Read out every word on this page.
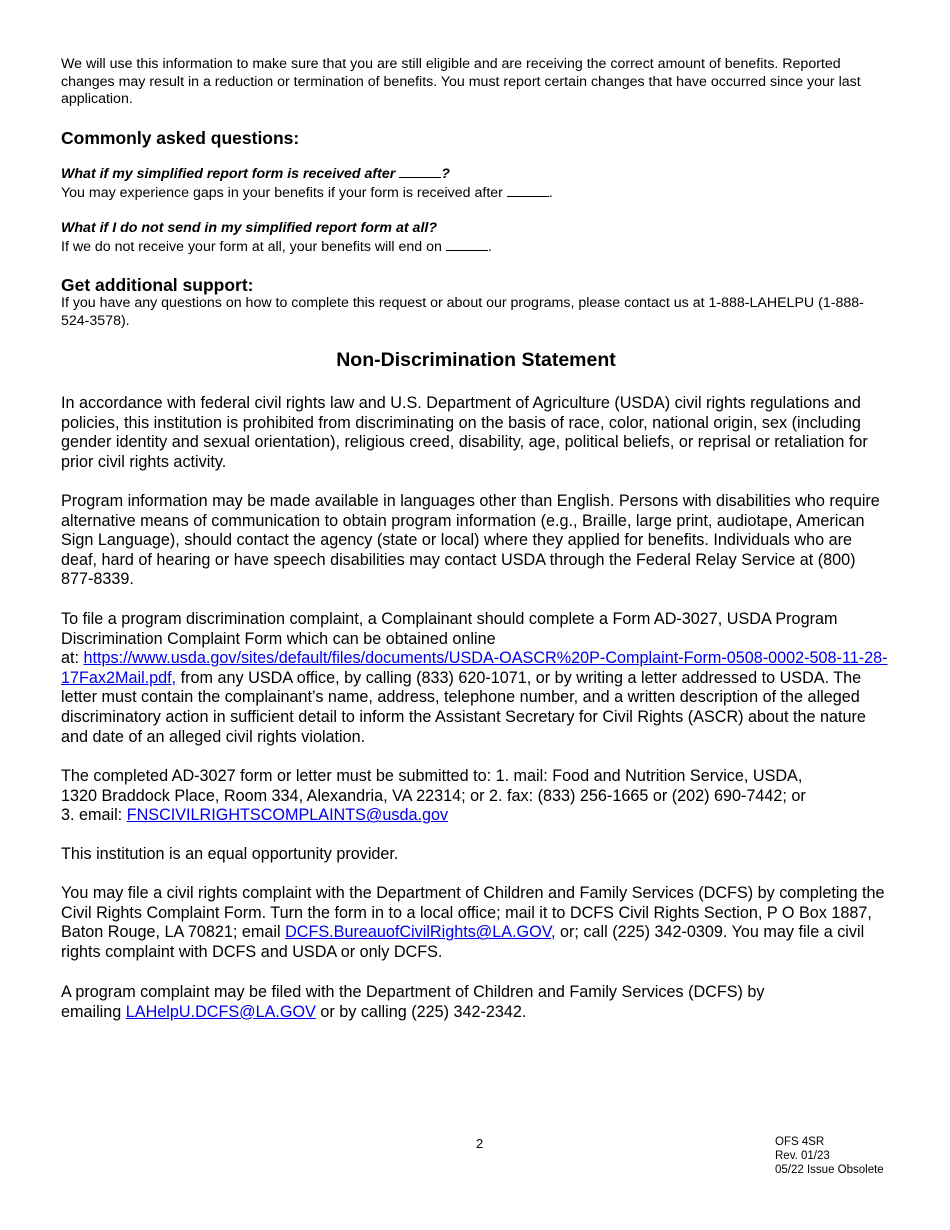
We will use this information to make sure that you are still eligible and are receiving the correct amount of benefits. Reported changes may result in a reduction or termination of benefits. You must report certain changes that have occurred since your last application.

Commonly asked questions:

What if my simplified report form is received after	?
You may experience gaps in your benefits if your form is received after	.

What if I do not send in my simplified report form at all?
If we do not receive your form at all, your benefits will end on	.

Get additional support:

If you have any questions on how to complete this request or about our programs, please contact us at 1-888-LAHELPU (1-888-524-3578).

Non-Discrimination Statement

In accordance with federal civil rights law and U.S. Department of Agriculture (USDA) civil rights regulations and policies, this institution is prohibited from discriminating on the basis of race, color, national origin, sex (including gender identity and sexual orientation), religious creed, disability, age, political beliefs, or reprisal or retaliation for prior civil rights activity.

Program information may be made available in languages other than English. Persons with disabilities who require alternative means of communication to obtain program information (e.g., Braille, large print, audiotape, American Sign Language), should contact the agency (state or local) where they applied for benefits. Individuals who are deaf, hard of hearing or have speech disabilities may contact USDA through the Federal Relay Service at (800) 877-8339.

To file a program discrimination complaint, a Complainant should complete a Form AD-3027, USDA Program Discrimination Complaint Form which can be obtained online
at: https://www.usda.gov/sites/default/files/documents/USDA-OASCR%20P-Complaint-Form-0508-0002-508-11-28-17Fax2Mail.pdf, from any USDA office, by calling (833) 620-1071, or by writing a letter addressed to USDA. The letter must contain the complainant’s name, address, telephone number, and a written description of the alleged discriminatory action in sufficient detail to inform the Assistant Secretary for Civil Rights (ASCR) about the nature and date of an alleged civil rights violation.

The completed AD-3027 form or letter must be submitted to: 1. mail: Food and Nutrition Service, USDA,
1320 Braddock Place, Room 334, Alexandria, VA 22314; or 2. fax: (833) 256-1665 or (202) 690-7442; or
3. email: FNSCIVILRIGHTSCOMPLAINTS@usda.gov

This institution is an equal opportunity provider.

You may file a civil rights complaint with the Department of Children and Family Services (DCFS) by completing the Civil Rights Complaint Form. Turn the form in to a local office; mail it to DCFS Civil Rights Section, P O Box 1887, Baton Rouge, LA 70821; email DCFS.BureauofCivilRights@LA.GOV, or; call (225) 342-0309. You may file a civil rights complaint with DCFS and USDA or only DCFS.

A program complaint may be filed with the Department of Children and Family Services (DCFS) by
emailing LAHelpU.DCFS@LA.GOV or by calling (225) 342-2342.

2	OFS 4SR
Rev. 01/23
05/22 Issue Obsolete
